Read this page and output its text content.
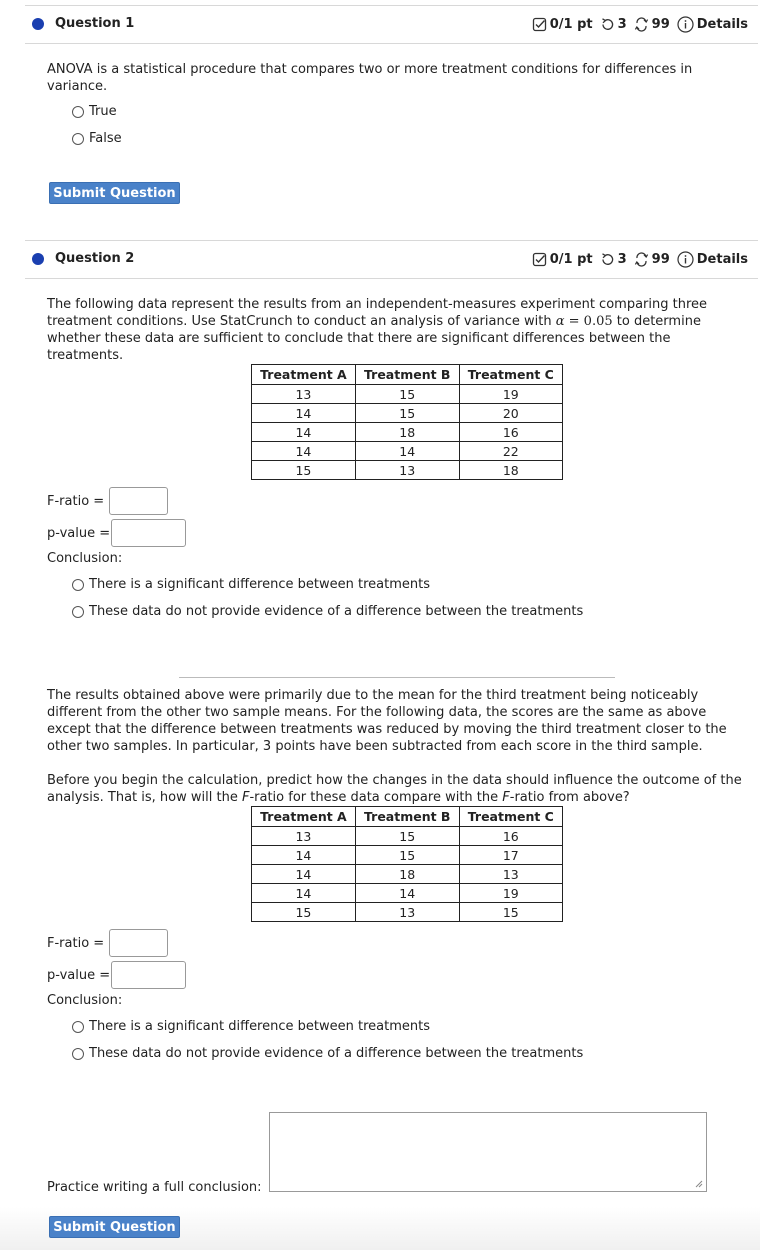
Question 1	0/1 pt 3 99 Details
ANOVA is a statistical procedure that compares two or more treatment conditions for differences in variance.
True
False
Submit Question
Question 2	0/1 pt 3 99 Details
The following data represent the results from an independent-measures experiment comparing three treatment conditions. Use StatCrunch to conduct an analysis of variance with α = 0.05 to determine whether these data are sufficient to conclude that there are significant differences between the treatments.
Treatment A	Treatment B	Treatment C
13	15	19
14	15	20
14	18	16
14	14	22
15	13	18
F-ratio =
p-value =
Conclusion:
There is a significant difference between treatments
These data do not provide evidence of a difference between the treatments
The results obtained above were primarily due to the mean for the third treatment being noticeably different from the other two sample means. For the following data, the scores are the same as above except that the difference between treatments was reduced by moving the third treatment closer to the other two samples. In particular, 3 points have been subtracted from each score in the third sample.
Before you begin the calculation, predict how the changes in the data should influence the outcome of the analysis. That is, how will the F-ratio for these data compare with the F-ratio from above?
Treatment A	Treatment B	Treatment C
13	15	16
14	15	17
14	18	13
14	14	19
15	13	15
F-ratio =
p-value =
Conclusion:
There is a significant difference between treatments
These data do not provide evidence of a difference between the treatments
Practice writing a full conclusion:
Submit Question
